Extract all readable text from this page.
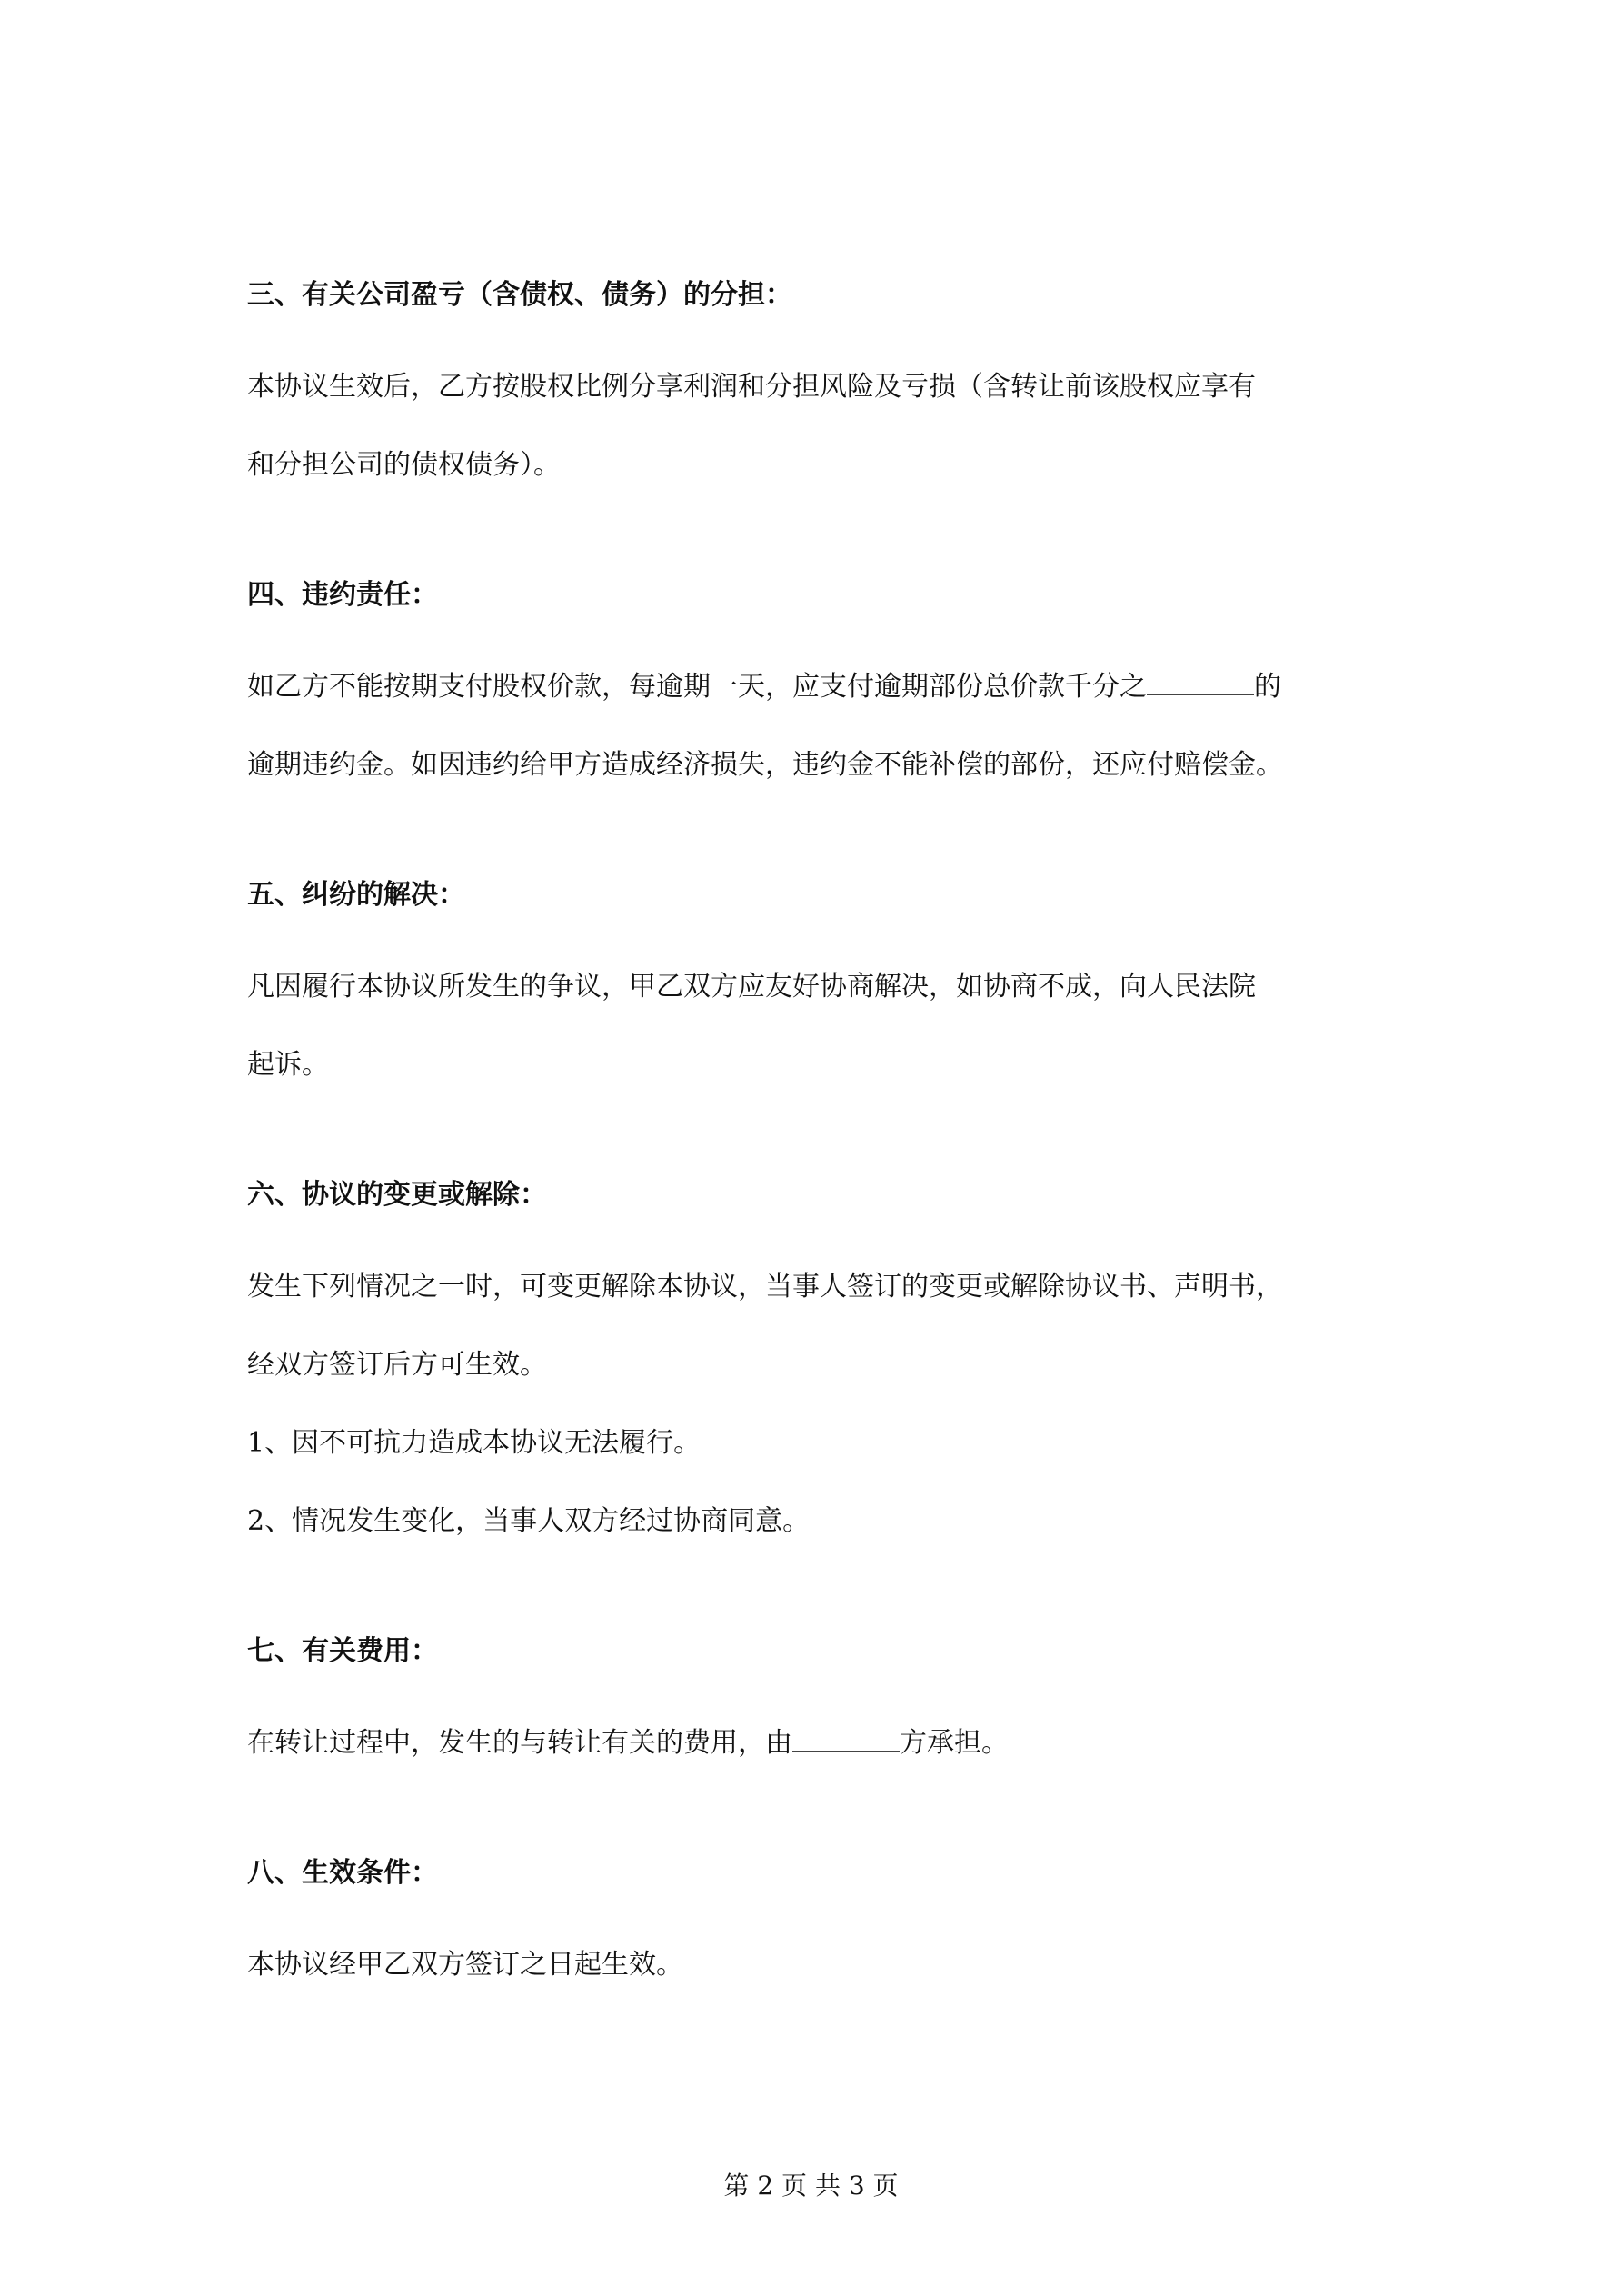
三、有关公司盈亏（含债权、债务）的分担：

本协议生效后，乙方按股权比例分享利润和分担风险及亏损（含转让前该股权应享有
和分担公司的债权债务）。

四、违约责任：

如乙方不能按期支付股权价款，每逾期一天，应支付逾期部份总价款千分之	的
逾期违约金。如因违约给甲方造成经济损失，违约金不能补偿的部份，还应付赔偿金。

五、纠纷的解决：

凡因履行本协议所发生的争议，甲乙双方应友好协商解决，如协商不成，向人民法院
起诉。

六、协议的变更或解除：

发生下列情况之一时，可变更解除本协议，当事人签订的变更或解除协议书、声明书，
经双方签订后方可生效。
1、因不可抗力造成本协议无法履行。
2、情况发生变化，当事人双方经过协商同意。

七、有关费用：

在转让过程中，发生的与转让有关的费用，由	方承担。

八、生效条件：

本协议经甲乙双方签订之日起生效。

第 2 页 共 3 页
